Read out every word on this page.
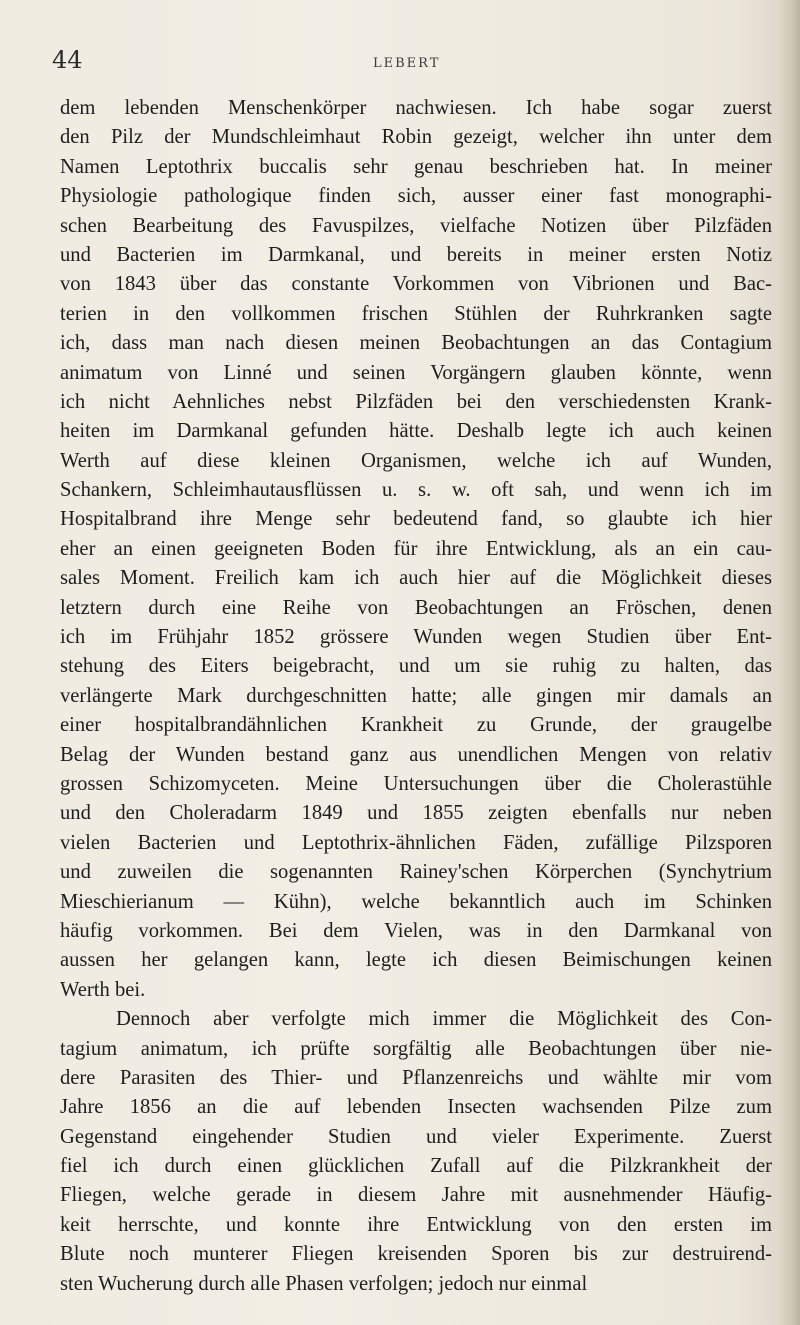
44	LEBERT
dem lebenden Menschenkörper nachwiesen. Ich habe sogar zuerst
den Pilz der Mundschleimhaut Robin gezeigt, welcher ihn unter dem
Namen Leptothrix buccalis sehr genau beschrieben hat. In meiner
Physiologie pathologique finden sich, ausser einer fast monographi-
schen Bearbeitung des Favuspilzes, vielfache Notizen über Pilzfäden
und Bacterien im Darmkanal, und bereits in meiner ersten Notiz
von 1843 über das constante Vorkommen von Vibrionen und Bac-
terien in den vollkommen frischen Stühlen der Ruhrkranken sagte
ich, dass man nach diesen meinen Beobachtungen an das Contagium
animatum von Linné und seinen Vorgängern glauben könnte, wenn
ich nicht Aehnliches nebst Pilzfäden bei den verschiedensten Krank-
heiten im Darmkanal gefunden hätte. Deshalb legte ich auch keinen
Werth auf diese kleinen Organismen, welche ich auf Wunden,
Schankern, Schleimhautausflüssen u. s. w. oft sah, und wenn ich im
Hospitalbrand ihre Menge sehr bedeutend fand, so glaubte ich hier
eher an einen geeigneten Boden für ihre Entwicklung, als an ein cau-
sales Moment. Freilich kam ich auch hier auf die Möglichkeit dieses
letztern durch eine Reihe von Beobachtungen an Fröschen, denen
ich im Frühjahr 1852 grössere Wunden wegen Studien über Ent-
stehung des Eiters beigebracht, und um sie ruhig zu halten, das
verlängerte Mark durchgeschnitten hatte; alle gingen mir damals an
einer hospitalbrandähnlichen Krankheit zu Grunde, der graugelbe
Belag der Wunden bestand ganz aus unendlichen Mengen von relativ
grossen Schizomyceten. Meine Untersuchungen über die Cholerastühle
und den Choleradarm 1849 und 1855 zeigten ebenfalls nur neben
vielen Bacterien und Leptothrix-ähnlichen Fäden, zufällige Pilzsporen
und zuweilen die sogenannten Rainey'schen Körperchen (Synchytrium
Mieschierianum — Kühn), welche bekanntlich auch im Schinken
häufig vorkommen. Bei dem Vielen, was in den Darmkanal von
aussen her gelangen kann, legte ich diesen Beimischungen keinen
Werth bei.
Dennoch aber verfolgte mich immer die Möglichkeit des Con-
tagium animatum, ich prüfte sorgfältig alle Beobachtungen über nie-
dere Parasiten des Thier- und Pflanzenreichs und wählte mir vom
Jahre 1856 an die auf lebenden Insecten wachsenden Pilze zum
Gegenstand eingehender Studien und vieler Experimente. Zuerst
fiel ich durch einen glücklichen Zufall auf die Pilzkrankheit der
Fliegen, welche gerade in diesem Jahre mit ausnehmender Häufig-
keit herrschte, und konnte ihre Entwicklung von den ersten im
Blute noch munterer Fliegen kreisenden Sporen bis zur destruirend-
sten Wucherung durch alle Phasen verfolgen; jedoch nur einmal
